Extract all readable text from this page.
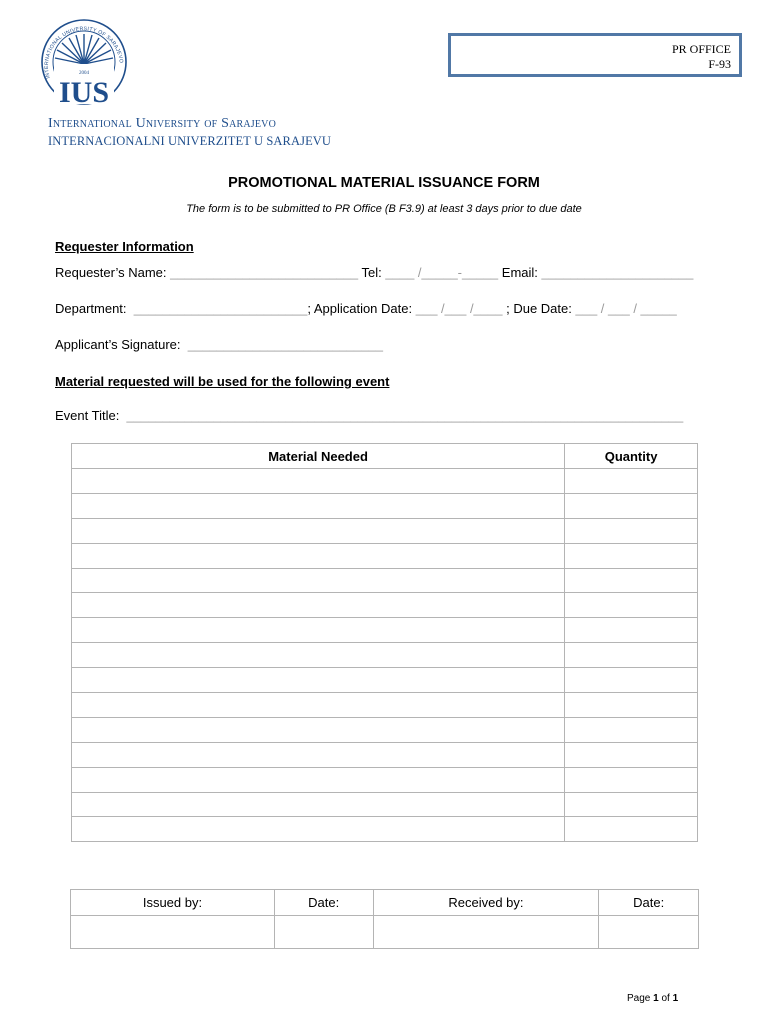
2004
IUS
INTERNATIONAL UNIVERSITY OF SARAJEVO
International University of Sarajevo
INTERNACIONALNI UNIVERZITET U SARAJEVU
PR OFFICE
F-93
PROMOTIONAL MATERIAL ISSUANCE FORM
The form is to be submitted to PR Office (B F3.9) at least 3 days prior to due date
Requester Information
Requester’s Name: __________________________ Tel: ____ /_____-_____ Email: _____________________
Department: ________________________; Application Date: ___ /___ /____ ; Due Date: ___ / ___ / _____
Applicant’s Signature: ___________________________
Material requested will be used for the following event
Event Title: _____________________________________________________________________________
Material Needed	Quantity

Issued by:	Date:	Received by:	Date:

Page 1 of 1
